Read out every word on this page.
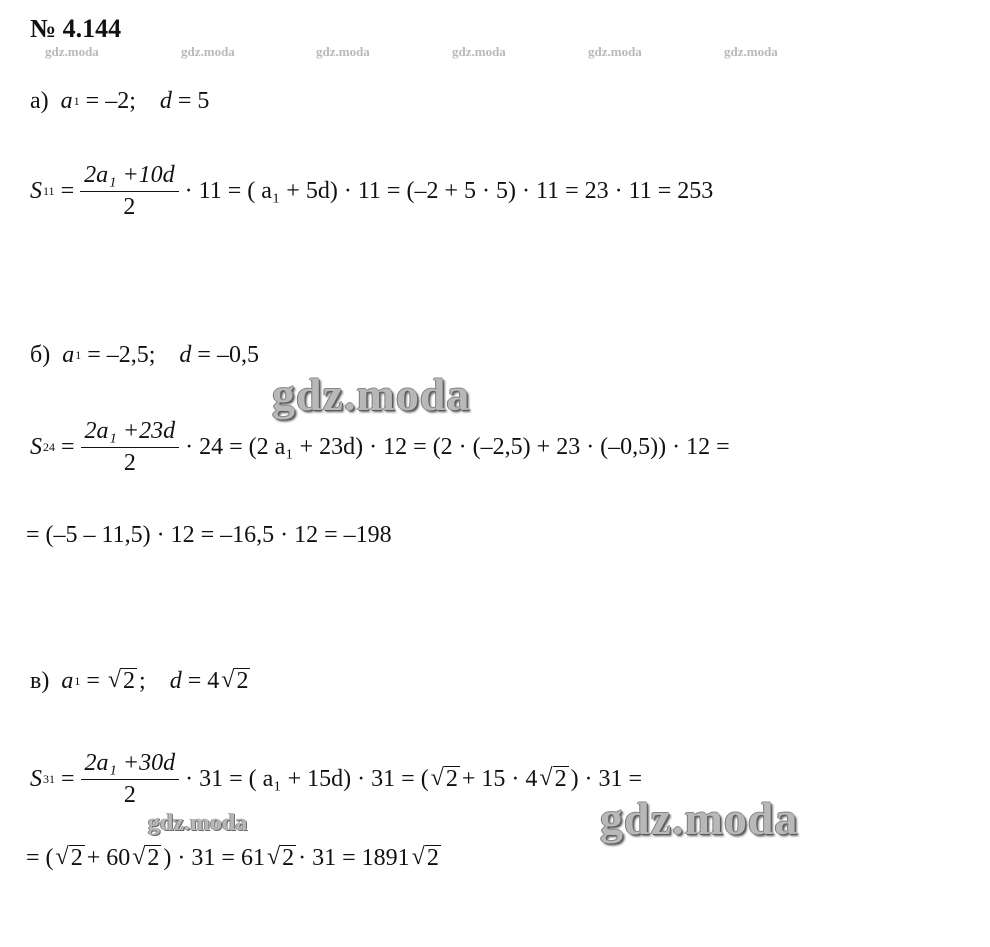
№ 4.144
gdz.moda	gdz.moda	gdz.moda	gdz.moda	gdz.moda	gdz.moda
а) a 1 = –2; d = 5
S $11 = \frac{\text{2a₁ +10d}}{2} \cdot 11$ = ( a₁ + 5d) · 11 = (–2 + 5 · 5) · 11 = 23 · 11 = 253
б) a 1 = –2,5; d = –0,5
S $24 = \frac{\text{2a₁ +23d}}{2} \cdot 24 = (2$ a₁ + 23d) · 12 = (2 · (–2,5) + 23 · (–0,5)) · 12 =
= (–5 – 11,5) · 12 = –16,5 · 12 = –198
в) a 1 = √ 2 ; d = 4 √ 2
S $31 = \frac{\text{2a₁ +30d}}{2} \cdot 31$ = ( a₁ + 15d) · 31 = ( √ 2 + 15 · 4 √ 2 ) · 31 =
= ( √ 2 + 60 √ 2 ) · 31 = 61 √ 2 · 31 = 1891 √ 2
gdz.moda
gdz.moda	gdz.moda
